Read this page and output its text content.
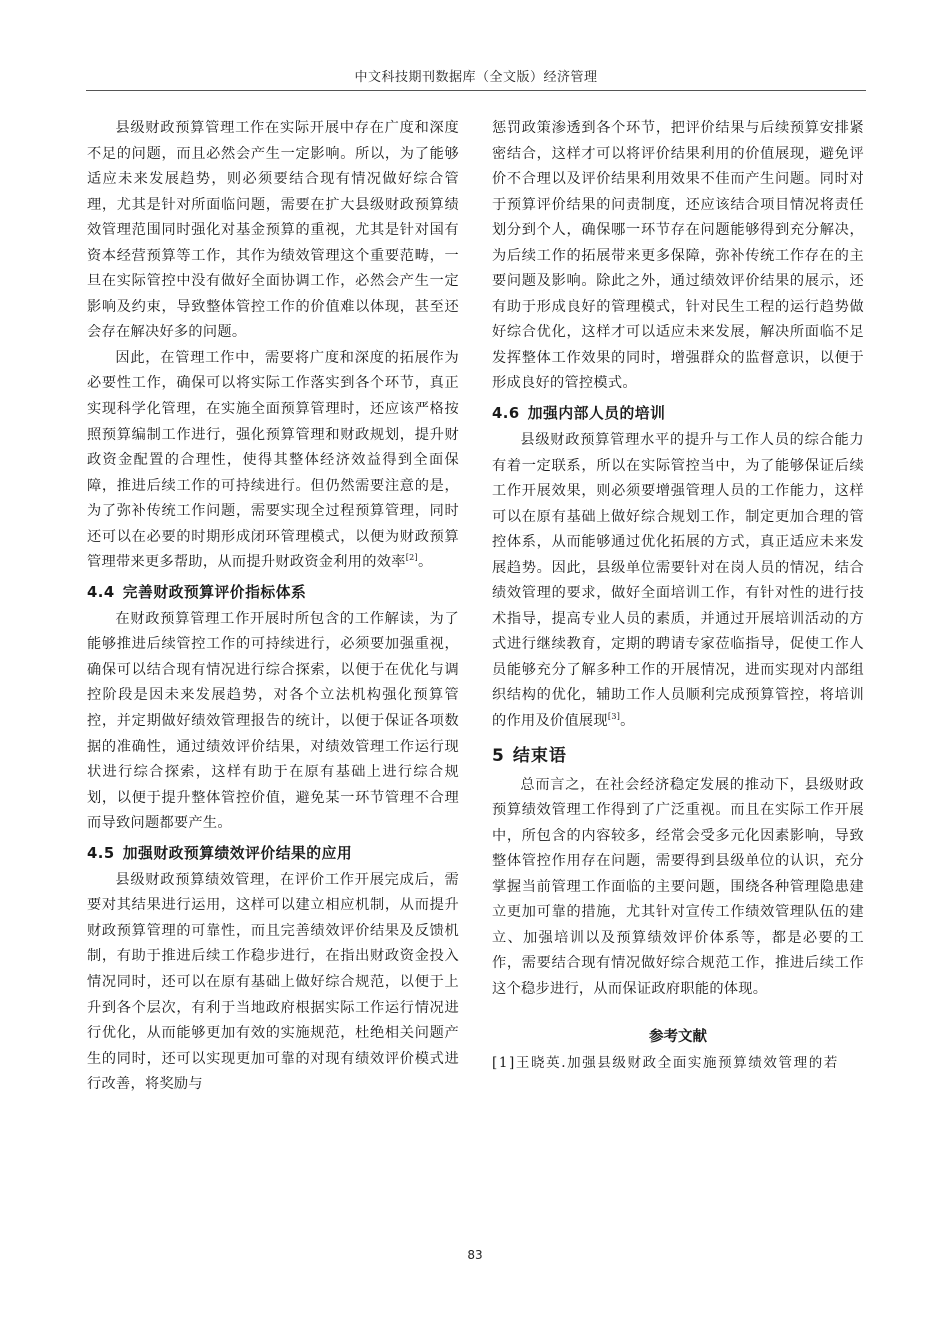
中文科技期刊数据库（全文版）经济管理

县级财政预算管理工作在实际开展中存在广度和深度不足的问题，而且必然会产生一定影响。所以，为了能够适应未来发展趋势，则必须要结合现有情况做好综合管理，尤其是针对所面临问题，需要在扩大县级财政预算绩效管理范围同时强化对基金预算的重视，尤其是针对国有资本经营预算等工作，其作为绩效管理这个重要范畴，一旦在实际管控中没有做好全面协调工作，必然会产生一定影响及约束，导致整体管控工作的价值难以体现，甚至还会存在解决好多的问题。

因此，在管理工作中，需要将广度和深度的拓展作为必要性工作，确保可以将实际工作落实到各个环节，真正实现科学化管理，在实施全面预算管理时，还应该严格按照预算编制工作进行，强化预算管理和财政规划，提升财政资金配置的合理性，使得其整体经济效益得到全面保障，推进后续工作的可持续进行。但仍然需要注意的是，为了弥补传统工作问题，需要实现全过程预算管理，同时还可以在必要的时期形成闭环管理模式，以便为财政预算管理带来更多帮助，从而提升财政资金利用的效率[2]。

4.4 完善财政预算评价指标体系

在财政预算管理工作开展时所包含的工作解读，为了能够推进后续管控工作的可持续进行，必须要加强重视，确保可以结合现有情况进行综合探索，以便于在优化与调控阶段是因未来发展趋势，对各个立法机构强化预算管控，并定期做好绩效管理报告的统计，以便于保证各项数据的准确性，通过绩效评价结果，对绩效管理工作运行现状进行综合探索，这样有助于在原有基础上进行综合规划，以便于提升整体管控价值，避免某一环节管理不合理而导致问题都要产生。

4.5 加强财政预算绩效评价结果的应用

县级财政预算绩效管理，在评价工作开展完成后，需要对其结果进行运用，这样可以建立相应机制，从而提升财政预算管理的可靠性，而且完善绩效评价结果及反馈机制，有助于推进后续工作稳步进行，在指出财政资金投入情况同时，还可以在原有基础上做好综合规范，以便于上升到各个层次，有利于当地政府根据实际工作运行情况进行优化，从而能够更加有效的实施规范，杜绝相关问题产生的同时，还可以实现更加可靠的对现有绩效评价模式进行改善，将奖励与

惩罚政策渗透到各个环节，把评价结果与后续预算安排紧密结合，这样才可以将评价结果利用的价值展现，避免评价不合理以及评价结果利用效果不佳而产生问题。同时对于预算评价结果的问责制度，还应该结合项目情况将责任划分到个人，确保哪一环节存在问题能够得到充分解决，为后续工作的拓展带来更多保障，弥补传统工作存在的主要问题及影响。除此之外，通过绩效评价结果的展示，还有助于形成良好的管理模式，针对民生工程的运行趋势做好综合优化，这样才可以适应未来发展，解决所面临不足发挥整体工作效果的同时，增强群众的监督意识，以便于形成良好的管控模式。

4.6 加强内部人员的培训

县级财政预算管理水平的提升与工作人员的综合能力有着一定联系，所以在实际管控当中，为了能够保证后续工作开展效果，则必须要增强管理人员的工作能力，这样可以在原有基础上做好综合规划工作，制定更加合理的管控体系，从而能够通过优化拓展的方式，真正适应未来发展趋势。因此，县级单位需要针对在岗人员的情况，结合绩效管理的要求，做好全面培训工作，有针对性的进行技术指导，提高专业人员的素质，并通过开展培训活动的方式进行继续教育，定期的聘请专家莅临指导，促使工作人员能够充分了解多种工作的开展情况，进而实现对内部组织结构的优化，辅助工作人员顺利完成预算管控，将培训的作用及价值展现[3]。

5 结束语

总而言之，在社会经济稳定发展的推动下，县级财政预算绩效管理工作得到了广泛重视。而且在实际工作开展中，所包含的内容较多，经常会受多元化因素影响，导致整体管控作用存在问题，需要得到县级单位的认识，充分掌握当前管理工作面临的主要问题，围绕各种管理隐患建立更加可靠的措施，尤其针对宣传工作绩效管理队伍的建立、加强培训以及预算绩效评价体系等，都是必要的工作，需要结合现有情况做好综合规范工作，推进后续工作这个稳步进行，从而保证政府职能的体现。

参考文献

[1]王晓英.加强县级财政全面实施预算绩效管理的若

83
